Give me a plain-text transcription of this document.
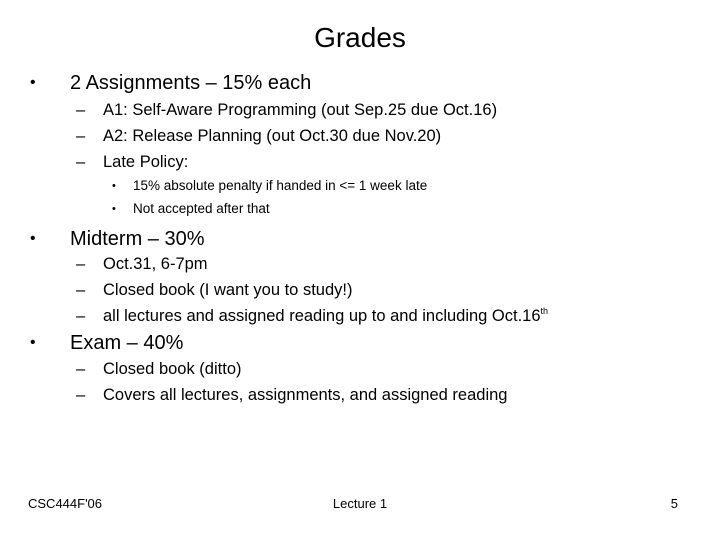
Grades
• 2 Assignments – 15% each
– A1: Self-Aware Programming (out Sep.25 due Oct.16)
– A2: Release Planning (out Oct.30 due Nov.20)
– Late Policy:
• 15% absolute penalty if handed in <= 1 week late
• Not accepted after that
• Midterm – 30%
– Oct.31, 6-7pm
– Closed book (I want you to study!)
– all lectures and assigned reading up to and including Oct.16th
• Exam – 40%
– Closed book (ditto)
– Covers all lectures, assignments, and assigned reading
CSC444F'06	Lecture 1	5
